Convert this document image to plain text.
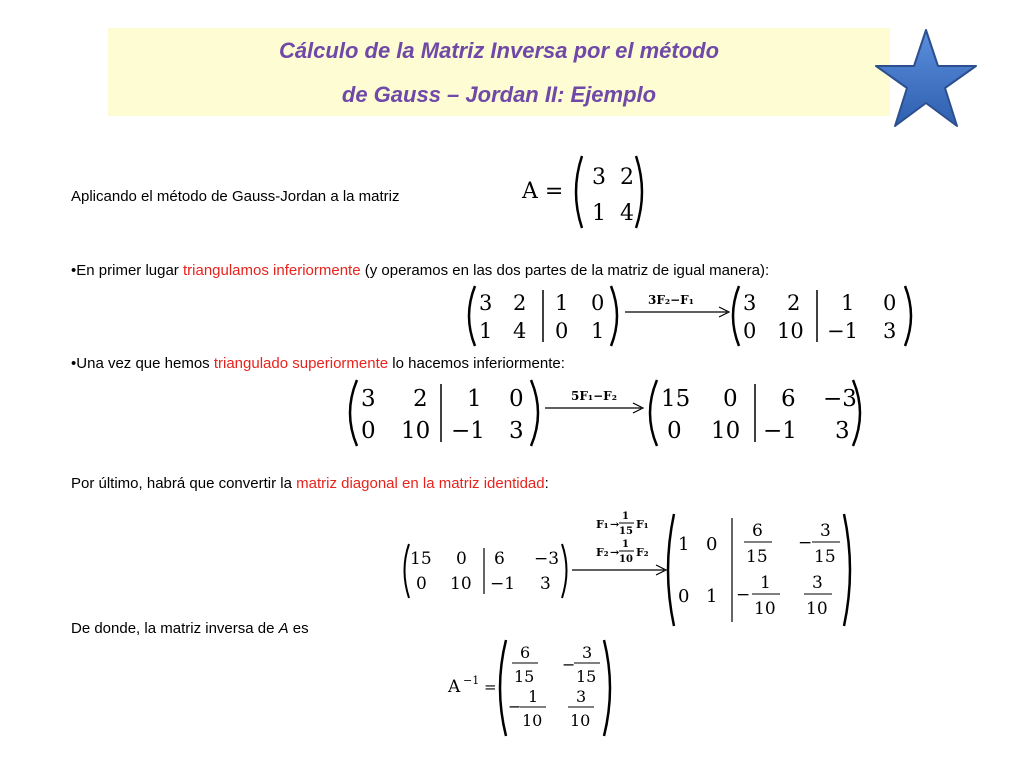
Cálculo de la Matriz Inversa por el método
de Gauss – Jordan II: Ejemplo
Aplicando el método de Gauss-Jordan a la matriz	A =
3 2
1 4
•En primer lugar triangulamos inferiormente (y operamos en las dos partes de la matriz de igual manera):
3 2
1 4
1 0
0 1
3F₂−F₁ 3 2
0 10
1 0
−1 3
•Una vez que hemos triangulado superiormente lo hacemos inferiormente:
3 2
0 10
1 0
−1 3
5F₁−F₂ 15 0
0 10
6 −3
−1 3
Por último, habrá que convertir la matriz diagonal en la matriz identidad:
15 0
0 10
6 −3
−1 3
F₁ →
1
15
F₁
F₂ →
1
10
F₂ 1 0
0 1
6
15
−
3
15
−
1
10
3
10
De donde, la matriz inversa de A es
A −1 =
6
15
−
3
15
−
1
10
3
10
